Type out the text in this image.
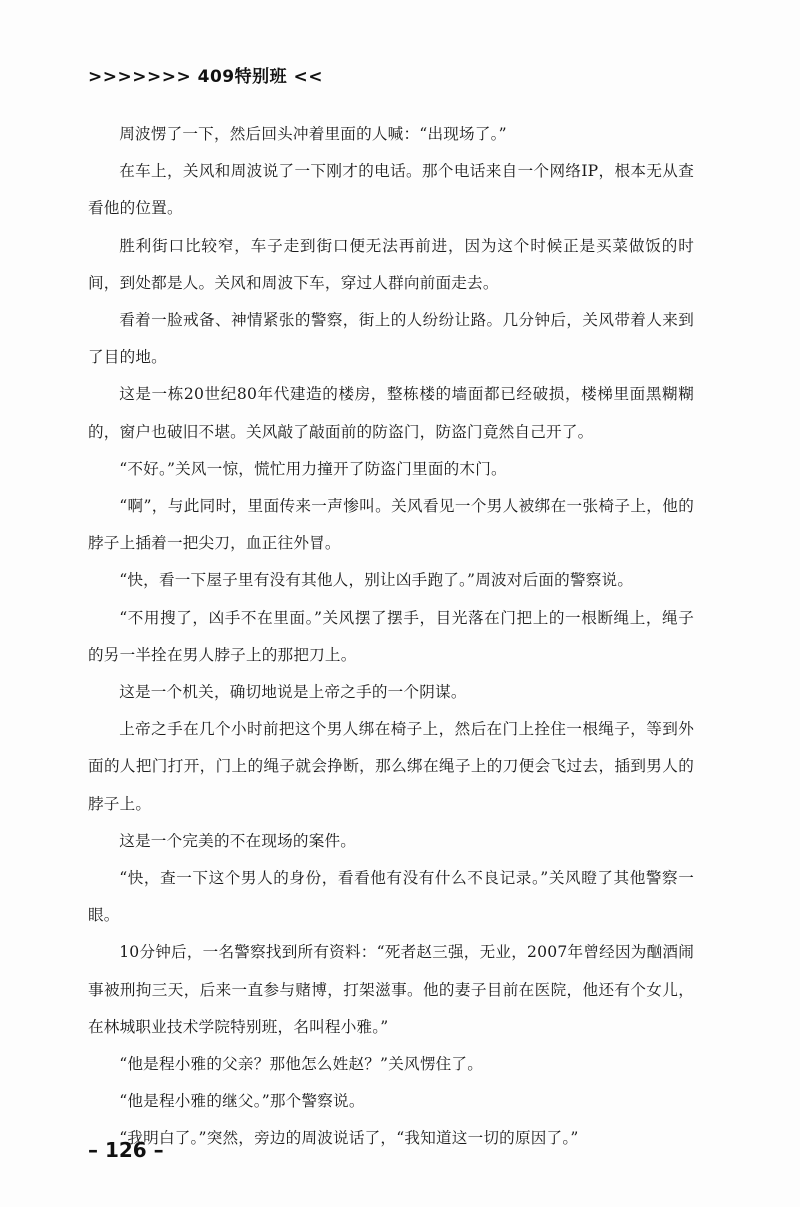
>>>>>>> 409特别班 <<

周波愣了一下，然后回头冲着里面的人喊：“出现场了。”

在车上，关风和周波说了一下刚才的电话。那个电话来自一个网络IP，根本无从查看他的位置。

胜利街口比较窄，车子走到街口便无法再前进，因为这个时候正是买菜做饭的时间，到处都是人。关风和周波下车，穿过人群向前面走去。

看着一脸戒备、神情紧张的警察，街上的人纷纷让路。几分钟后，关风带着人来到了目的地。

这是一栋20世纪80年代建造的楼房，整栋楼的墙面都已经破损，楼梯里面黑糊糊的，窗户也破旧不堪。关风敲了敲面前的防盗门，防盗门竟然自己开了。

“不好。”关风一惊，慌忙用力撞开了防盗门里面的木门。

“啊”，与此同时，里面传来一声惨叫。关风看见一个男人被绑在一张椅子上，他的脖子上插着一把尖刀，血正往外冒。

“快，看一下屋子里有没有其他人，别让凶手跑了。”周波对后面的警察说。

“不用搜了，凶手不在里面。”关风摆了摆手，目光落在门把上的一根断绳上，绳子的另一半拴在男人脖子上的那把刀上。

这是一个机关，确切地说是上帝之手的一个阴谋。

上帝之手在几个小时前把这个男人绑在椅子上，然后在门上拴住一根绳子，等到外面的人把门打开，门上的绳子就会挣断，那么绑在绳子上的刀便会飞过去，插到男人的脖子上。

这是一个完美的不在现场的案件。

“快，查一下这个男人的身份，看看他有没有什么不良记录。”关风瞪了其他警察一眼。

10分钟后，一名警察找到所有资料：“死者赵三强，无业，2007年曾经因为酗酒闹事被刑拘三天，后来一直参与赌博，打架滋事。他的妻子目前在医院，他还有个女儿，在林城职业技术学院特别班，名叫程小雅。”

“他是程小雅的父亲？那他怎么姓赵？”关风愣住了。

“他是程小雅的继父。”那个警察说。

“我明白了。”突然，旁边的周波说话了，“我知道这一切的原因了。”

– 126 –
